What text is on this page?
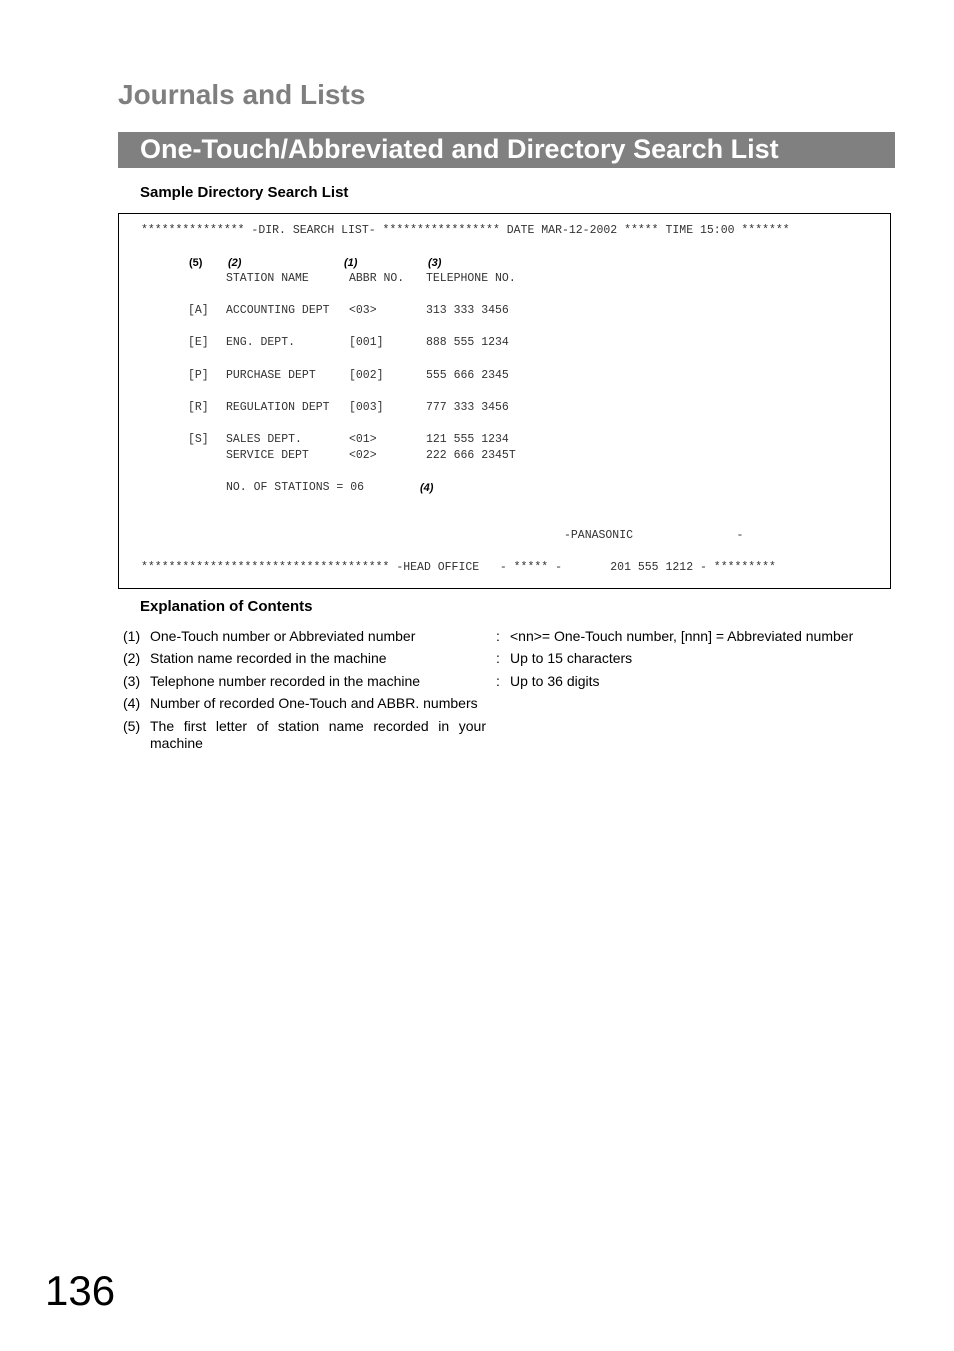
Journals and Lists
One-Touch/Abbreviated and Directory Search List
Sample Directory Search List
*************** -DIR. SEARCH LIST- ***************** DATE MAR-12-2002 ***** TIME 15:00 *******
(5) (2)	(1)	(3)
STATION NAME	ABBR NO. TELEPHONE NO.
[A] ACCOUNTING DEPT <03>	313 333 3456
[E] ENG. DEPT.	[001]	888 555 1234
[P] PURCHASE DEPT	[002]	555 666 2345
[R] REGULATION DEPT [003]	777 333 3456
[S] SALES DEPT.	<01>	121 555 1234
SERVICE DEPT	<02>	222 666 2345T
NO. OF STATIONS = 06	(4)
-PANASONIC               -
************************************ -HEAD OFFICE   - ***** -       201 555 1212 - *********
Explanation of Contents
(1) One-Touch number or Abbreviated number	: <nn>= One-Touch number, [nnn] = Abbreviated number
(2) Station name recorded in the machine	: Up to 15 characters
(3) Telephone number recorded in the machine	: Up to 36 digits
(4) Number of recorded One-Touch and ABBR. numbers
(5) The first letter of station name recorded in your machine
136
